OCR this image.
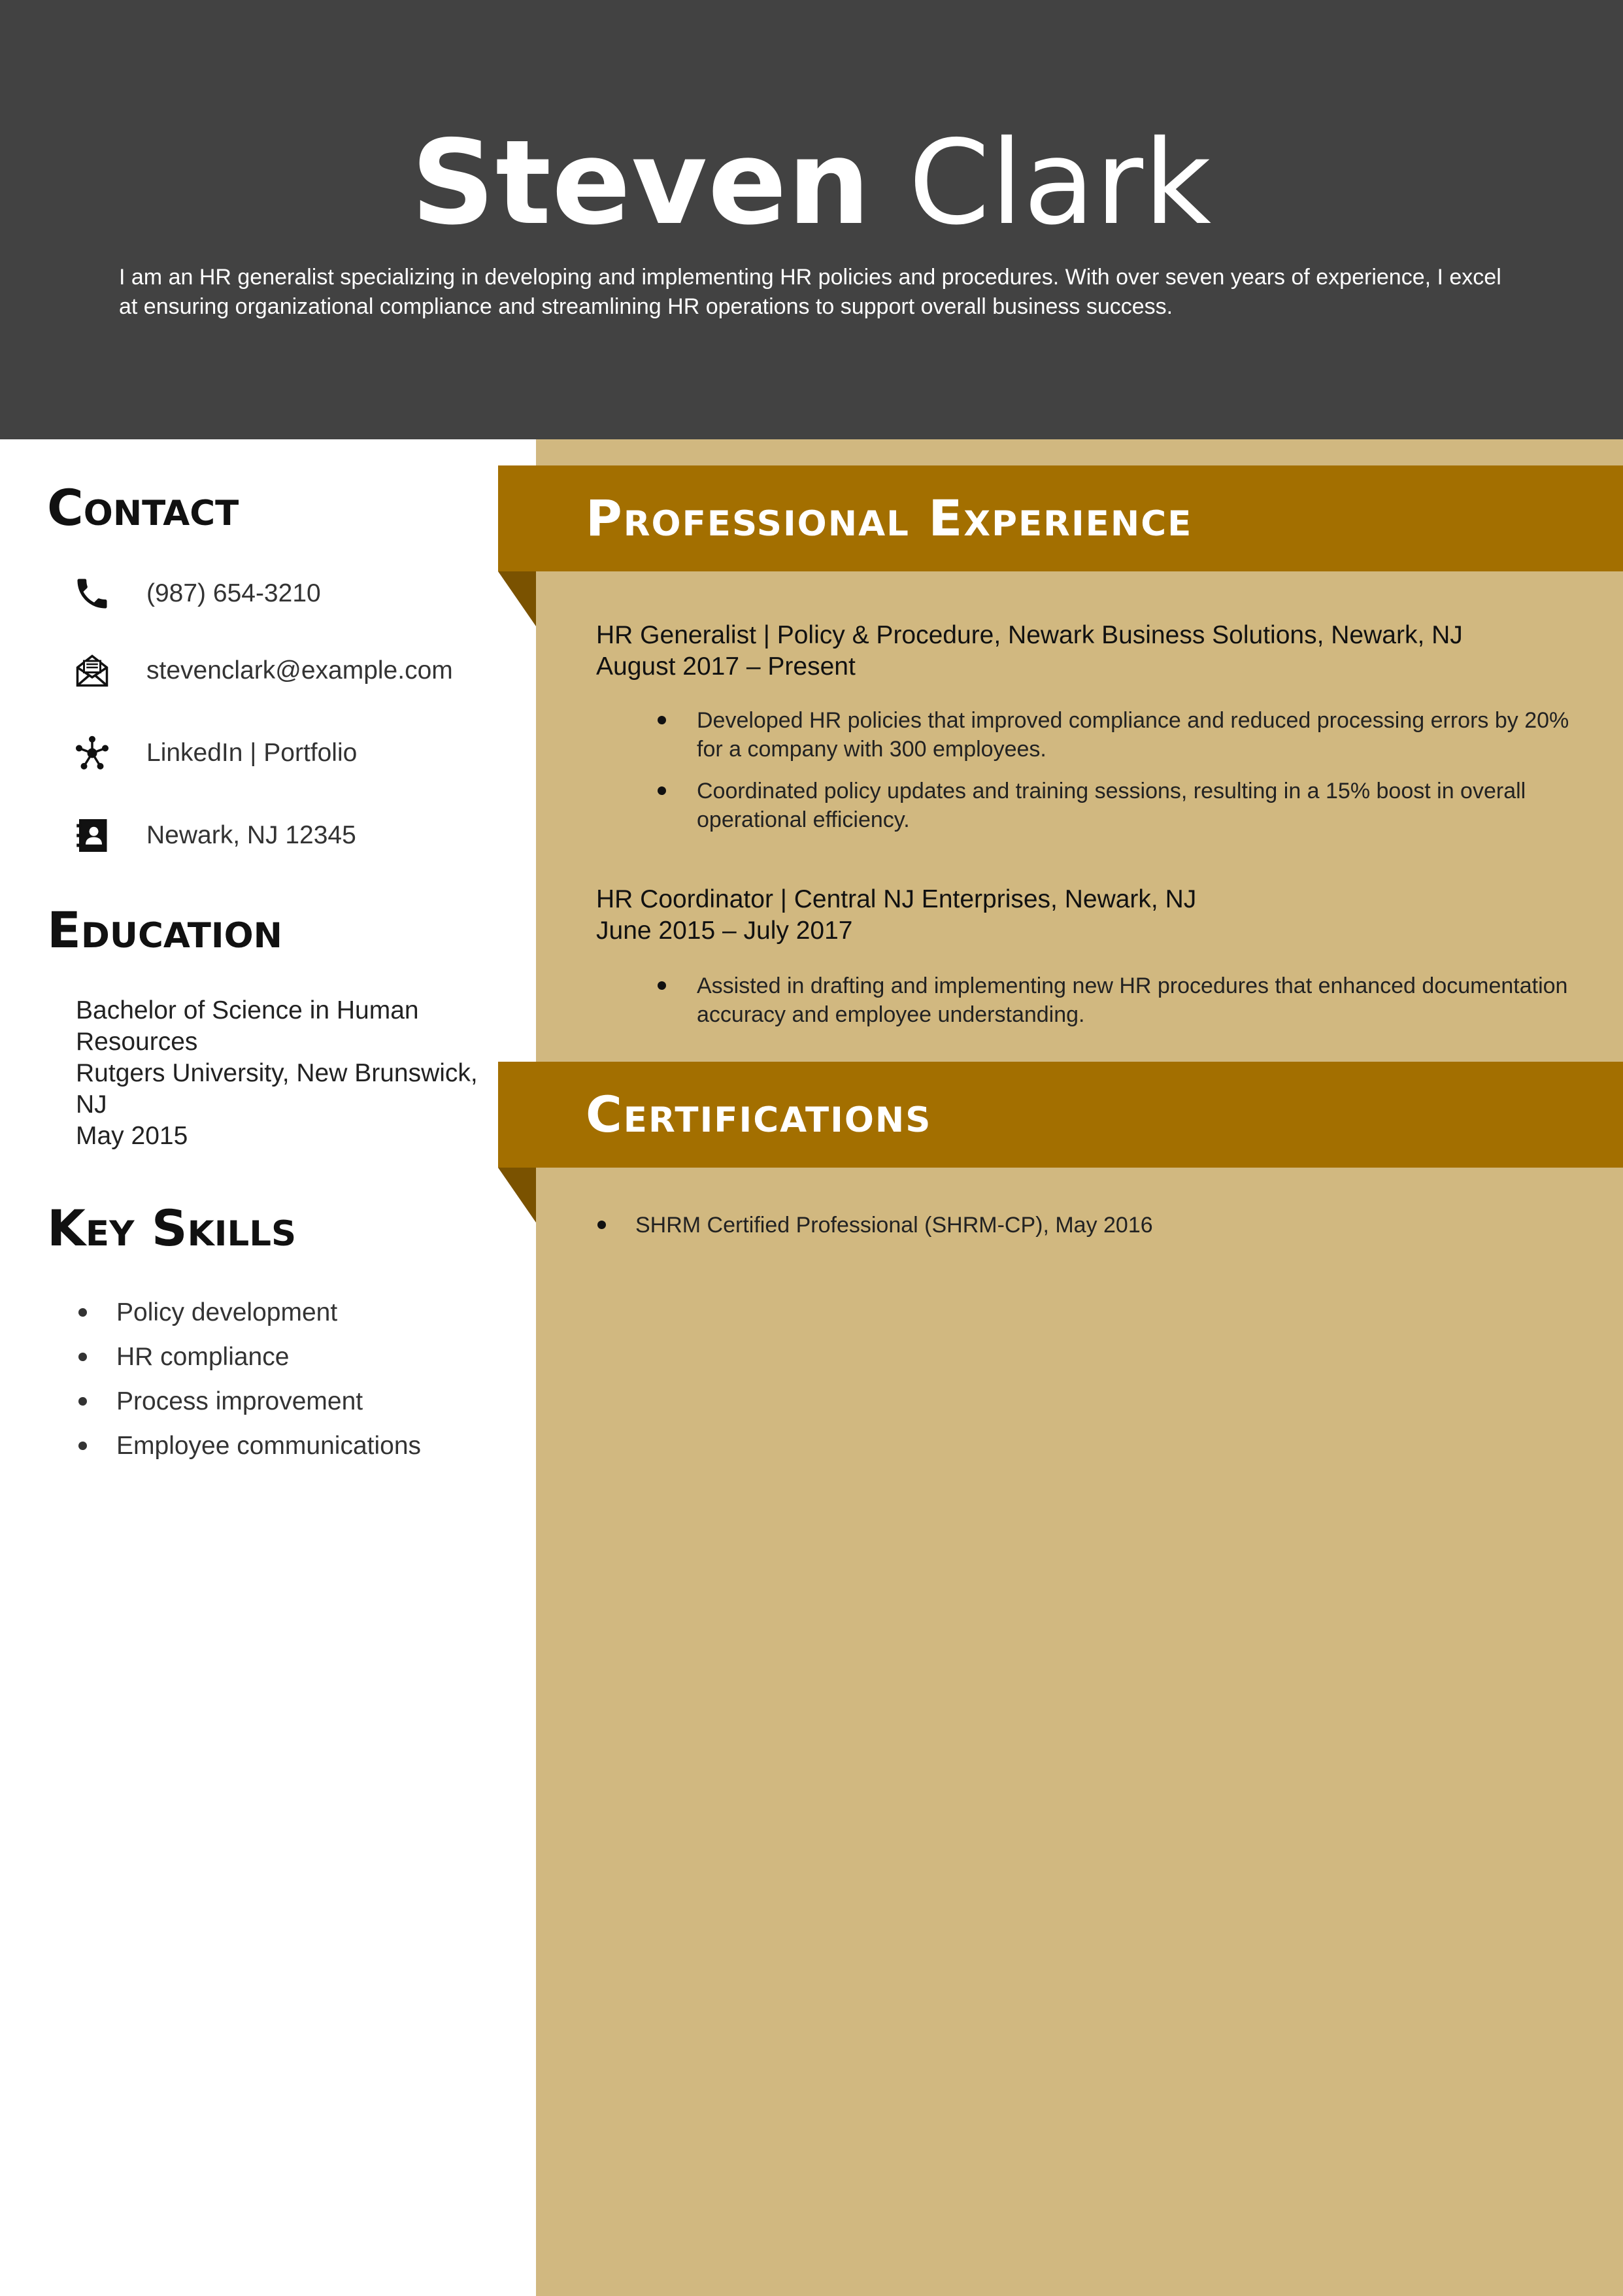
Steven Clark
I am an HR generalist specializing in developing and implementing HR policies and procedures. With over seven years of experience, I excel at ensuring organizational compliance and streamlining HR operations to support overall business success.
Professional Experience
Certifications
Contact
(987) 654-3210
stevenclark@example.com
LinkedIn | Portfolio
Newark, NJ 12345
Education
Bachelor of Science in Human
Resources
Rutgers University, New Brunswick,
NJ
May 2015
Key Skills
Policy development
HR compliance
Process improvement
Employee communications
HR Generalist | Policy & Procedure, Newark Business Solutions, Newark, NJ
August 2017 – Present
Developed HR policies that improved compliance and reduced processing errors by 20% for a company with 300 employees.
Coordinated policy updates and training sessions, resulting in a 15% boost in overall operational efficiency.
HR Coordinator | Central NJ Enterprises, Newark, NJ
June 2015 – July 2017
Assisted in drafting and implementing new HR procedures that enhanced documentation accuracy and employee understanding.
SHRM Certified Professional (SHRM-CP), May 2016
